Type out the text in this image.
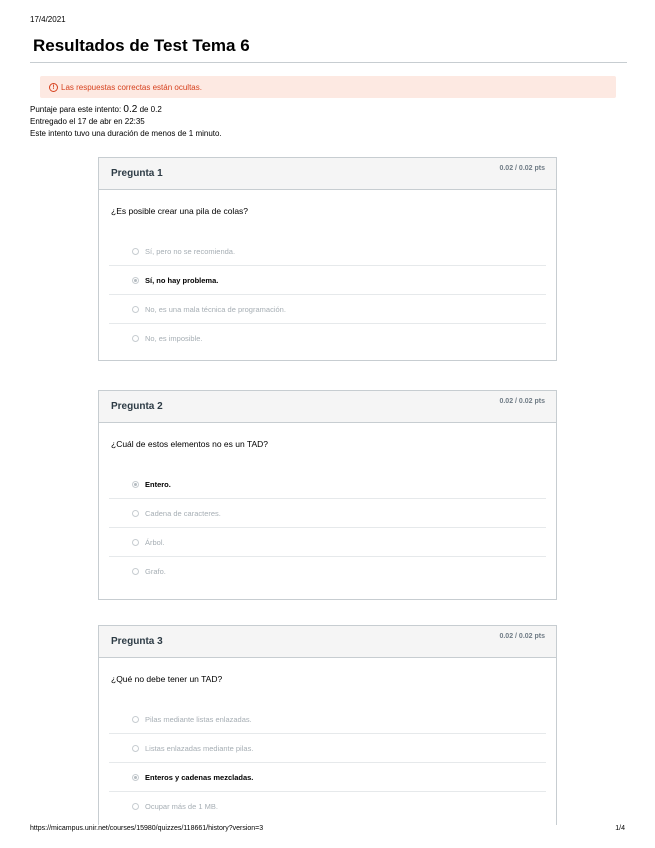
17/4/2021
Resultados de Test Tema 6
! Las respuestas correctas están ocultas.
Puntaje para este intento: 0.2 de 0.2
Entregado el 17 de abr en 22:35
Este intento tuvo una duración de menos de 1 minuto.
Pregunta 1	0.02 / 0.02 pts
¿Es posible crear una pila de colas?
Sí, pero no se recomienda.
Sí, no hay problema.
No, es una mala técnica de programación.
No, es imposible.
Pregunta 2	0.02 / 0.02 pts
¿Cuál de estos elementos no es un TAD?
Entero.
Cadena de caracteres.
Árbol.
Grafo.
Pregunta 3	0.02 / 0.02 pts
¿Qué no debe tener un TAD?
Pilas mediante listas enlazadas.
Listas enlazadas mediante pilas.
Enteros y cadenas mezcladas.
Ocupar más de 1 MB.
https://micampus.unir.net/courses/15980/quizzes/118661/history?version=3	1/4
